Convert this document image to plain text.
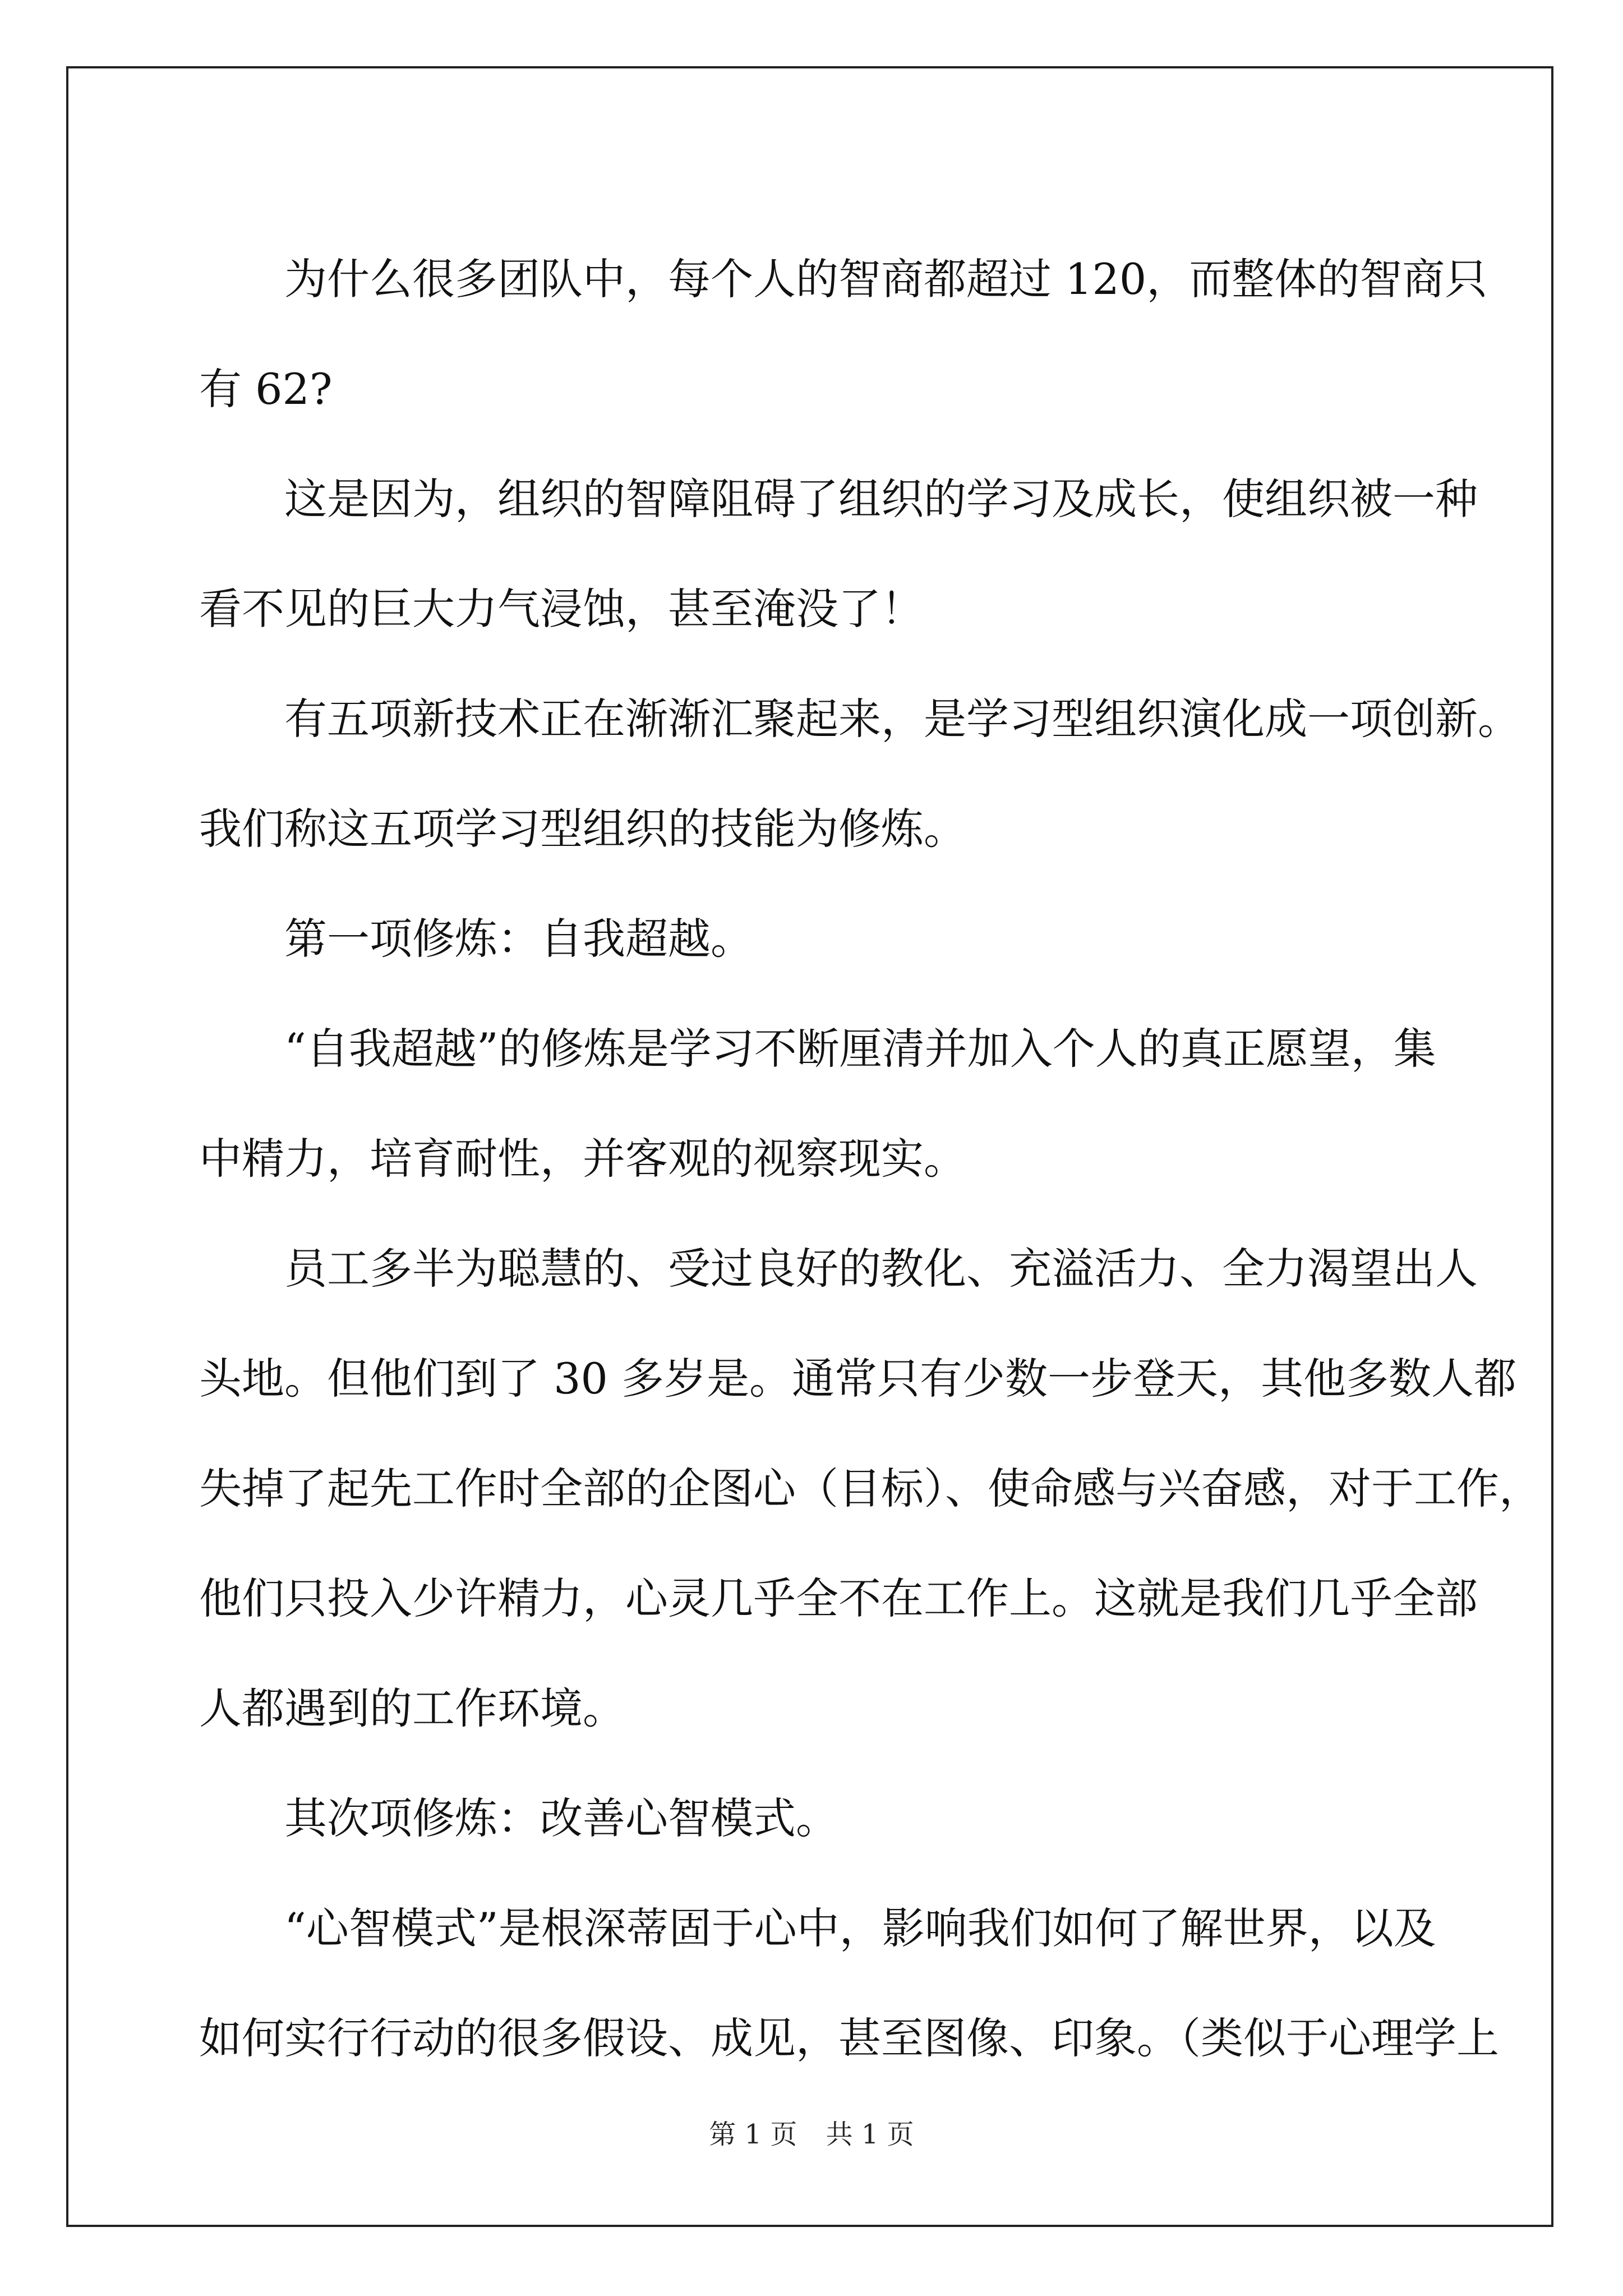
为什么很多团队中，每个人的智商都超过 120，而整体的智商只
有 62?

这是因为，组织的智障阻碍了组织的学习及成长，使组织被一种
看不见的巨大力气浸蚀，甚至淹没了！

有五项新技术正在渐渐汇聚起来，是学习型组织演化成一项创新。
我们称这五项学习型组织的技能为修炼。

第一项修炼：自我超越。

“自我超越”的修炼是学习不断厘清并加入个人的真正愿望，集
中精力，培育耐性，并客观的视察现实。

员工多半为聪慧的、受过良好的教化、充溢活力、全力渴望出人
头地。但他们到了 30 多岁是。通常只有少数一步登天，其他多数人都
失掉了起先工作时全部的企图心（目标）、使命感与兴奋感，对于工作，
他们只投入少许精力，心灵几乎全不在工作上。这就是我们几乎全部
人都遇到的工作环境。

其次项修炼：改善心智模式。

“心智模式”是根深蒂固于心中，影响我们如何了解世界，以及
如何实行行动的很多假设、成见，甚至图像、印象。（类似于心理学上

第 1 页 共 1 页
